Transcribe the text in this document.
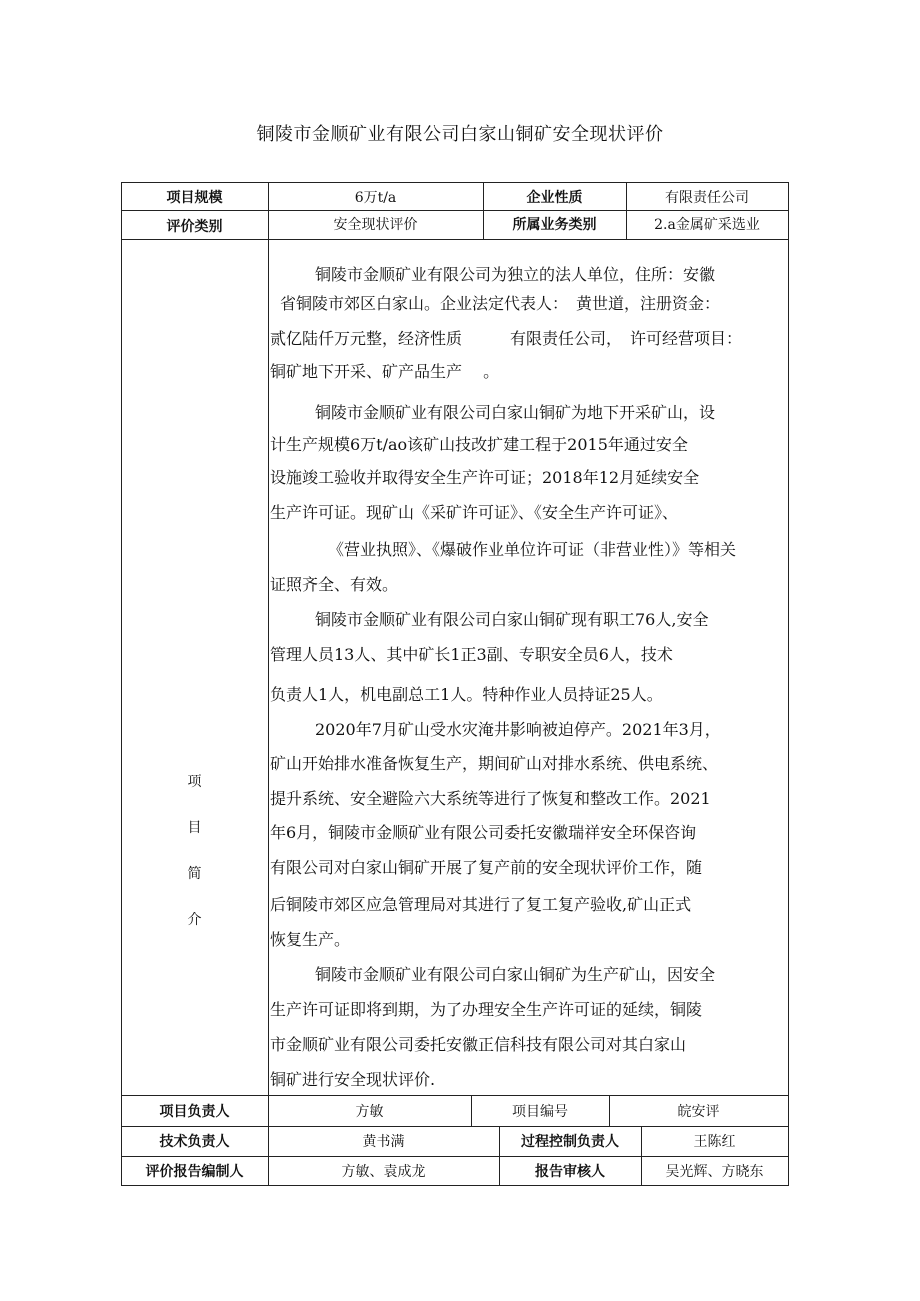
铜陵市金顺矿业有限公司白家山铜矿安全现状评价
项目规模	6万t/a	企业性质	有限责任公司
评价类别	安全现状评价	所属业务类别	2.a金属矿采选业
项
目
简
介
铜陵市金顺矿业有限公司为独立的法人单位，住所：安徽
省铜陵市郊区白家山。企业法定代表人：　黄世道，注册资金：
贰亿陆仟万元整，经济性质　　　有限责任公司，　许可经营项目：
铜矿地下开采、矿产品生产　 。
铜陵市金顺矿业有限公司白家山铜矿为地下开采矿山，设
计生产规模6万t/ao该矿山技改扩建工程于2015年通过安全
设施竣工验收并取得安全生产许可证；2018年12月延续安全
生产许可证。现矿山《采矿许可证》、《安全生产许可证》、
《营业执照》、《爆破作业单位许可证（非营业性）》等相关
证照齐全、有效。
铜陵市金顺矿业有限公司白家山铜矿现有职工76人,安全
管理人员13人、其中矿长1正3副、专职安全员6人，技术
负责人1人，机电副总工1人。特种作业人员持证25人。
2020年7月矿山受水灾淹井影响被迫停产。2021年3月，
矿山开始排水准备恢复生产，期间矿山对排水系统、供电系统、
提升系统、安全避险六大系统等进行了恢复和整改工作。2021
年6月，铜陵市金顺矿业有限公司委托安徽瑞祥安全环保咨询
有限公司对白家山铜矿开展了复产前的安全现状评价工作，随
后铜陵市郊区应急管理局对其进行了复工复产验收,矿山正式
恢复生产。
铜陵市金顺矿业有限公司白家山铜矿为生产矿山，因安全
生产许可证即将到期，为了办理安全生产许可证的延续，铜陵
市金顺矿业有限公司委托安徽正信科技有限公司对其白家山
铜矿进行安全现状评价.
项目负责人	方敏	项目编号	皖安评
技术负责人	黄书满	过程控制负责人	王陈红
评价报告编制人	方敏、袁成龙	报告审核人	吴光辉、方晓东
